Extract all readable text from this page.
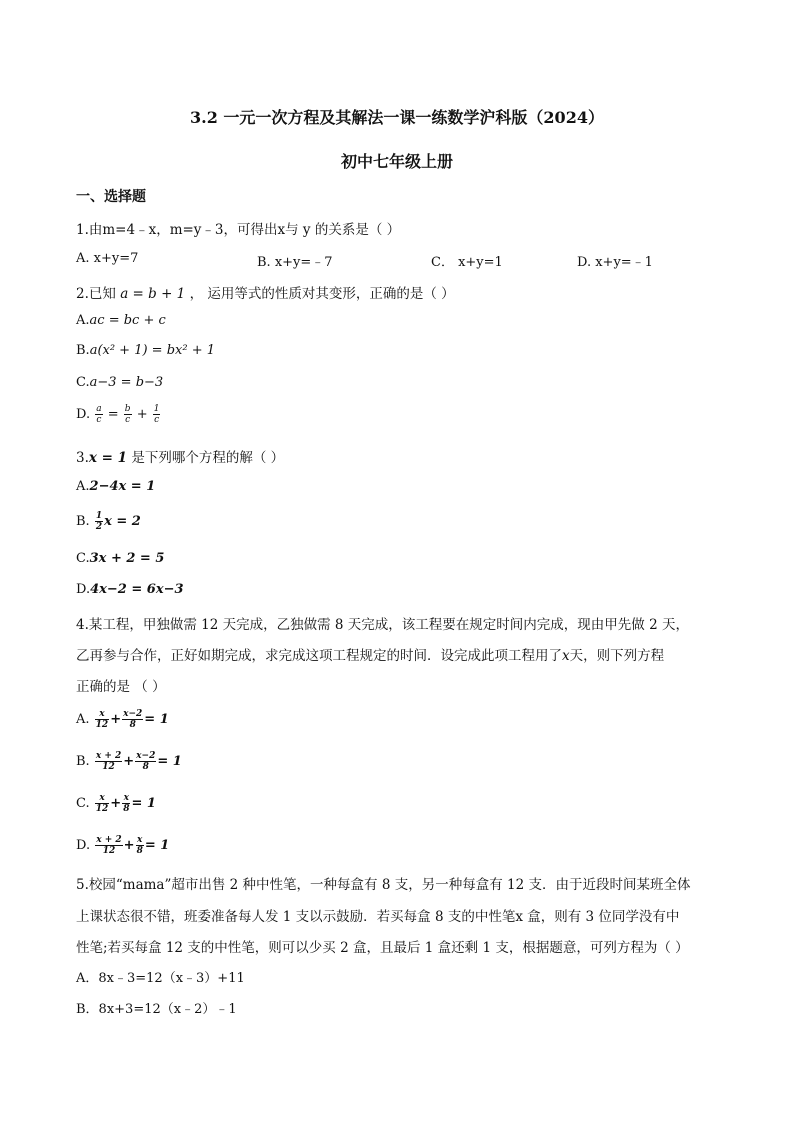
3.2 一元一次方程及其解法一课一练数学沪科版（2024）
初中七年级上册
一、选择题
1.由m=4﹣x，m=y﹣3，可得出x与 y 的关系是（ ）
A. x+y=7	B. x+y=﹣7	C． x+y=1	D. x+y=﹣1
2.已知 a = b + 1 ， 运用等式的性质对其变形，正确的是（ ）
A.ac = bc + c
B.a(x² + 1) = bx² + 1
C.a−3 = b−3
D. $\frac{a}{c} = \frac{b}{c} + \frac{1}{c}$
3.x = 1 是下列哪个方程的解（ ）
A.2−4x = 1
B. $\frac{1}{2}$ x = 2
C.3x + 2 = 5
D.4x−2 = 6x−3
4.某工程，甲独做需 12 天完成，乙独做需 8 天完成，该工程要在规定时间内完成，现由甲先做 2 天，
乙再参与合作，正好如期完成，求完成这项工程规定的时间．设完成此项工程用了x天，则下列方程
正确的是 （ ）
A. $\frac{x}{12} + \frac{x-2}{8} = 1$
B. $\frac{x + 2}{12} + \frac{x-2}{8} = 1$
C. $\frac{x}{12} + \frac{x}{8} = 1$
D. $\frac{x + 2}{12} + \frac{x}{8} = 1$
5.校园“mama”超市出售 2 种中性笔，一种每盒有 8 支，另一种每盒有 12 支．由于近段时间某班全体
上课状态很不错，班委准备每人发 1 支以示鼓励．若买每盒 8 支的中性笔x 盒，则有 3 位同学没有中
性笔;若买每盒 12 支的中性笔，则可以少买 2 盒，且最后 1 盒还剩 1 支，根据题意，可列方程为（ ）
A．8x﹣3=12（x﹣3）+11
B．8x+3=12（x﹣2）﹣1
